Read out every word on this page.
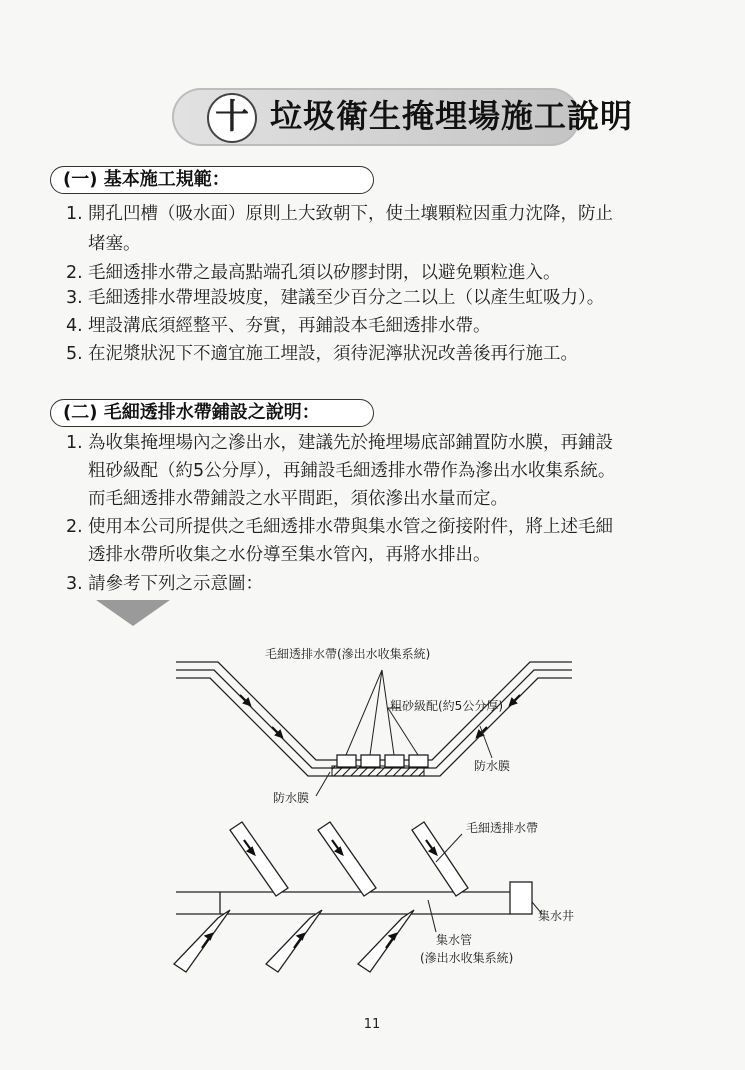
十 垃圾衛生掩埋場施工說明
(一) 基本施工規範：
1. 開孔凹槽（吸水面）原則上大致朝下，使土壤顆粒因重力沈降，防止
堵塞。
2. 毛細透排水帶之最高點端孔須以矽膠封閉，以避免顆粒進入。
3. 毛細透排水帶埋設坡度，建議至少百分之二以上（以產生虹吸力）。
4. 埋設溝底須經整平、夯實，再鋪設本毛細透排水帶。
5. 在泥漿狀況下不適宜施工埋設，須待泥濘狀況改善後再行施工。
(二) 毛細透排水帶鋪設之說明：
1. 為收集掩埋場內之滲出水，建議先於掩埋場底部鋪置防水膜，再鋪設
粗砂級配（約5公分厚），再鋪設毛細透排水帶作為滲出水收集系統。
而毛細透排水帶鋪設之水平間距，須依滲出水量而定。
2. 使用本公司所提供之毛細透排水帶與集水管之銜接附件，將上述毛細
透排水帶所收集之水份導至集水管內，再將水排出。
3. 請參考下列之示意圖：
毛細透排水帶(滲出水收集系統)
粗砂級配(約5公分厚)
防水膜
防水膜
集水井
毛細透排水帶
集水管
(滲出水收集系統)
11
